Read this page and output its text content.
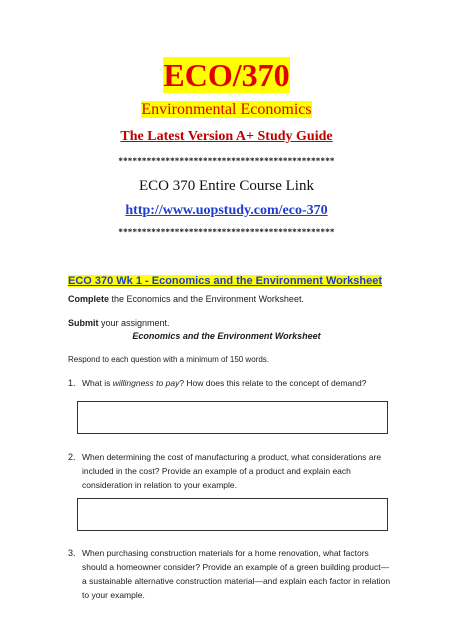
ECO/370
Environmental Economics
The Latest Version A+ Study Guide
**********************************************
ECO 370 Entire Course Link
http://www.uopstudy.com/eco-370
**********************************************
ECO 370 Wk 1 - Economics and the Environment Worksheet
Complete the Economics and the Environment Worksheet.
Submit your assignment.
Economics and the Environment Worksheet
Respond to each question with a minimum of 150 words.
1. What is willingness to pay? How does this relate to the concept of demand?
2. When determining the cost of manufacturing a product, what considerations are included in the cost? Provide an example of a product and explain each consideration in relation to your example.
3. When purchasing construction materials for a home renovation, what factors should a homeowner consider? Provide an example of a green building product—a sustainable alternative construction material—and explain each factor in relation to your example.
